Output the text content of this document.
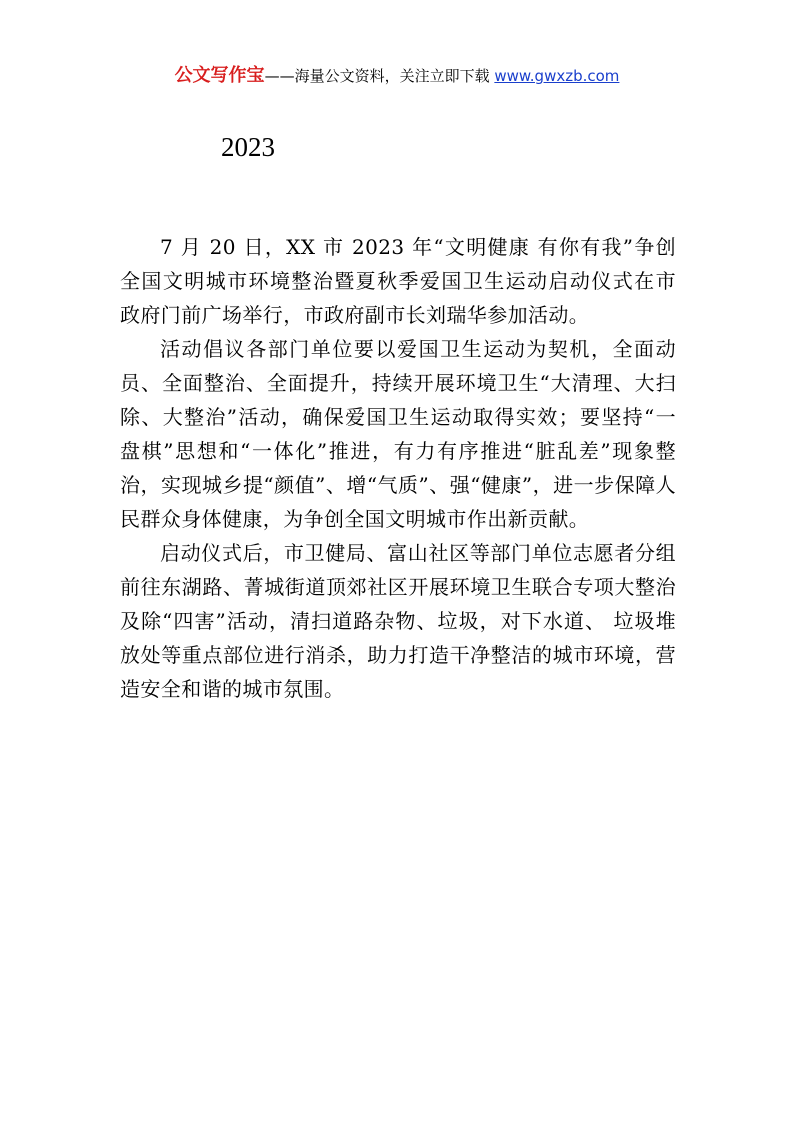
公文写作宝——海量公文资料，关注立即下载 www.gwxzb.com
2023

7 月 20 日，XX 市 2023 年“文明健康 有你有我”争创全国文明城市环境整治暨夏秋季爱国卫生运动启动仪式在市 政府门前广场举行，市政府副市长刘瑞华参加活动。

活动倡议各部门单位要以爱国卫生运动为契机，全面动员、全面整治、全面提升，持续开展环境卫生“大清理、大扫除、大整治”活动，确保爱国卫生运动取得实效；要坚持“一 盘棋”思想和“一体化”推进，有力有序推进“脏乱差”现象整治，实现城乡提“颜值”、增“气质”、强“健康”，进一步保障人民群众身体健康，为争创全国文明城市作出新贡献。

启动仪式后，市卫健局、富山社区等部门单位志愿者分组前往东湖路、菁城街道顶郊社区开展环境卫生联合专项大整治及除“四害”活动，清扫道路杂物、垃圾，对下水道、 垃圾堆放处等重点部位进行消杀，助力打造干净整洁的城市环境，营造安全和谐的城市氛围。
